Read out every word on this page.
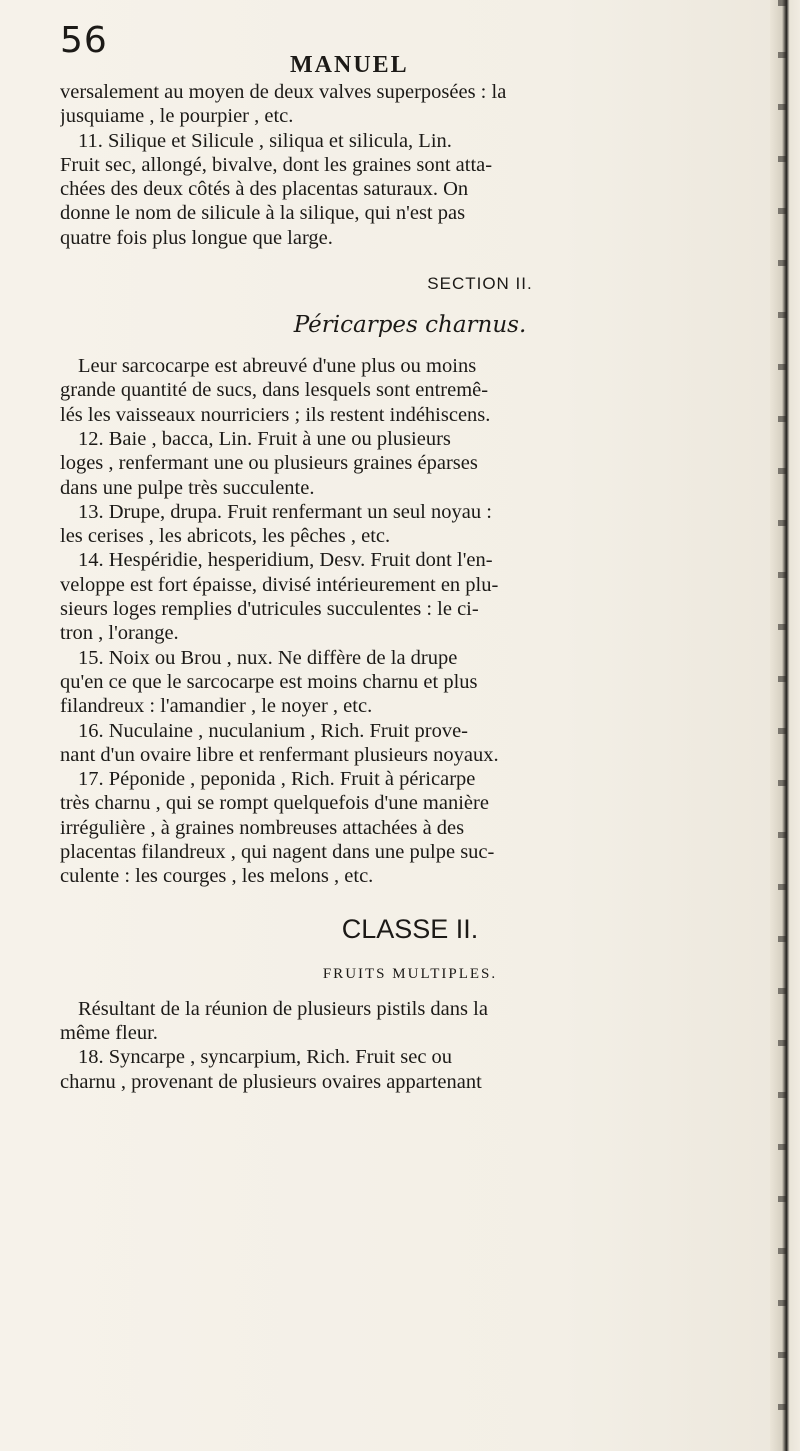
56
MANUEL
versalement au moyen de deux valves superposées : la
jusquiame , le pourpier , etc.
11. Silique et Silicule , siliqua et silicula, Lin.
Fruit sec, allongé, bivalve, dont les graines sont atta-
chées des deux côtés à des placentas saturaux. On
donne le nom de silicule à la silique, qui n'est pas
quatre fois plus longue que large.
SECTION II.
Péricarpes charnus.
Leur sarcocarpe est abreuvé d'une plus ou moins
grande quantité de sucs, dans lesquels sont entremê-
lés les vaisseaux nourriciers ; ils restent indéhiscens.
12. Baie , bacca, Lin. Fruit à une ou plusieurs
loges , renfermant une ou plusieurs graines éparses
dans une pulpe très succulente.
13. Drupe, drupa. Fruit renfermant un seul noyau :
les cerises , les abricots, les pêches , etc.
14. Hespéridie, hesperidium, Desv. Fruit dont l'en-
veloppe est fort épaisse, divisé intérieurement en plu-
sieurs loges remplies d'utricules succulentes : le ci-
tron , l'orange.
15. Noix ou Brou , nux. Ne diffère de la drupe
qu'en ce que le sarcocarpe est moins charnu et plus
filandreux : l'amandier , le noyer , etc.
16. Nuculaine , nuculanium , Rich. Fruit prove-
nant d'un ovaire libre et renfermant plusieurs noyaux.
17. Péponide , peponida , Rich. Fruit à péricarpe
très charnu , qui se rompt quelquefois d'une manière
irrégulière , à graines nombreuses attachées à des
placentas filandreux , qui nagent dans une pulpe suc-
culente : les courges , les melons , etc.
CLASSE II.
FRUITS MULTIPLES.
Résultant de la réunion de plusieurs pistils dans la
même fleur.
18. Syncarpe , syncarpium, Rich. Fruit sec ou
charnu , provenant de plusieurs ovaires appartenant
